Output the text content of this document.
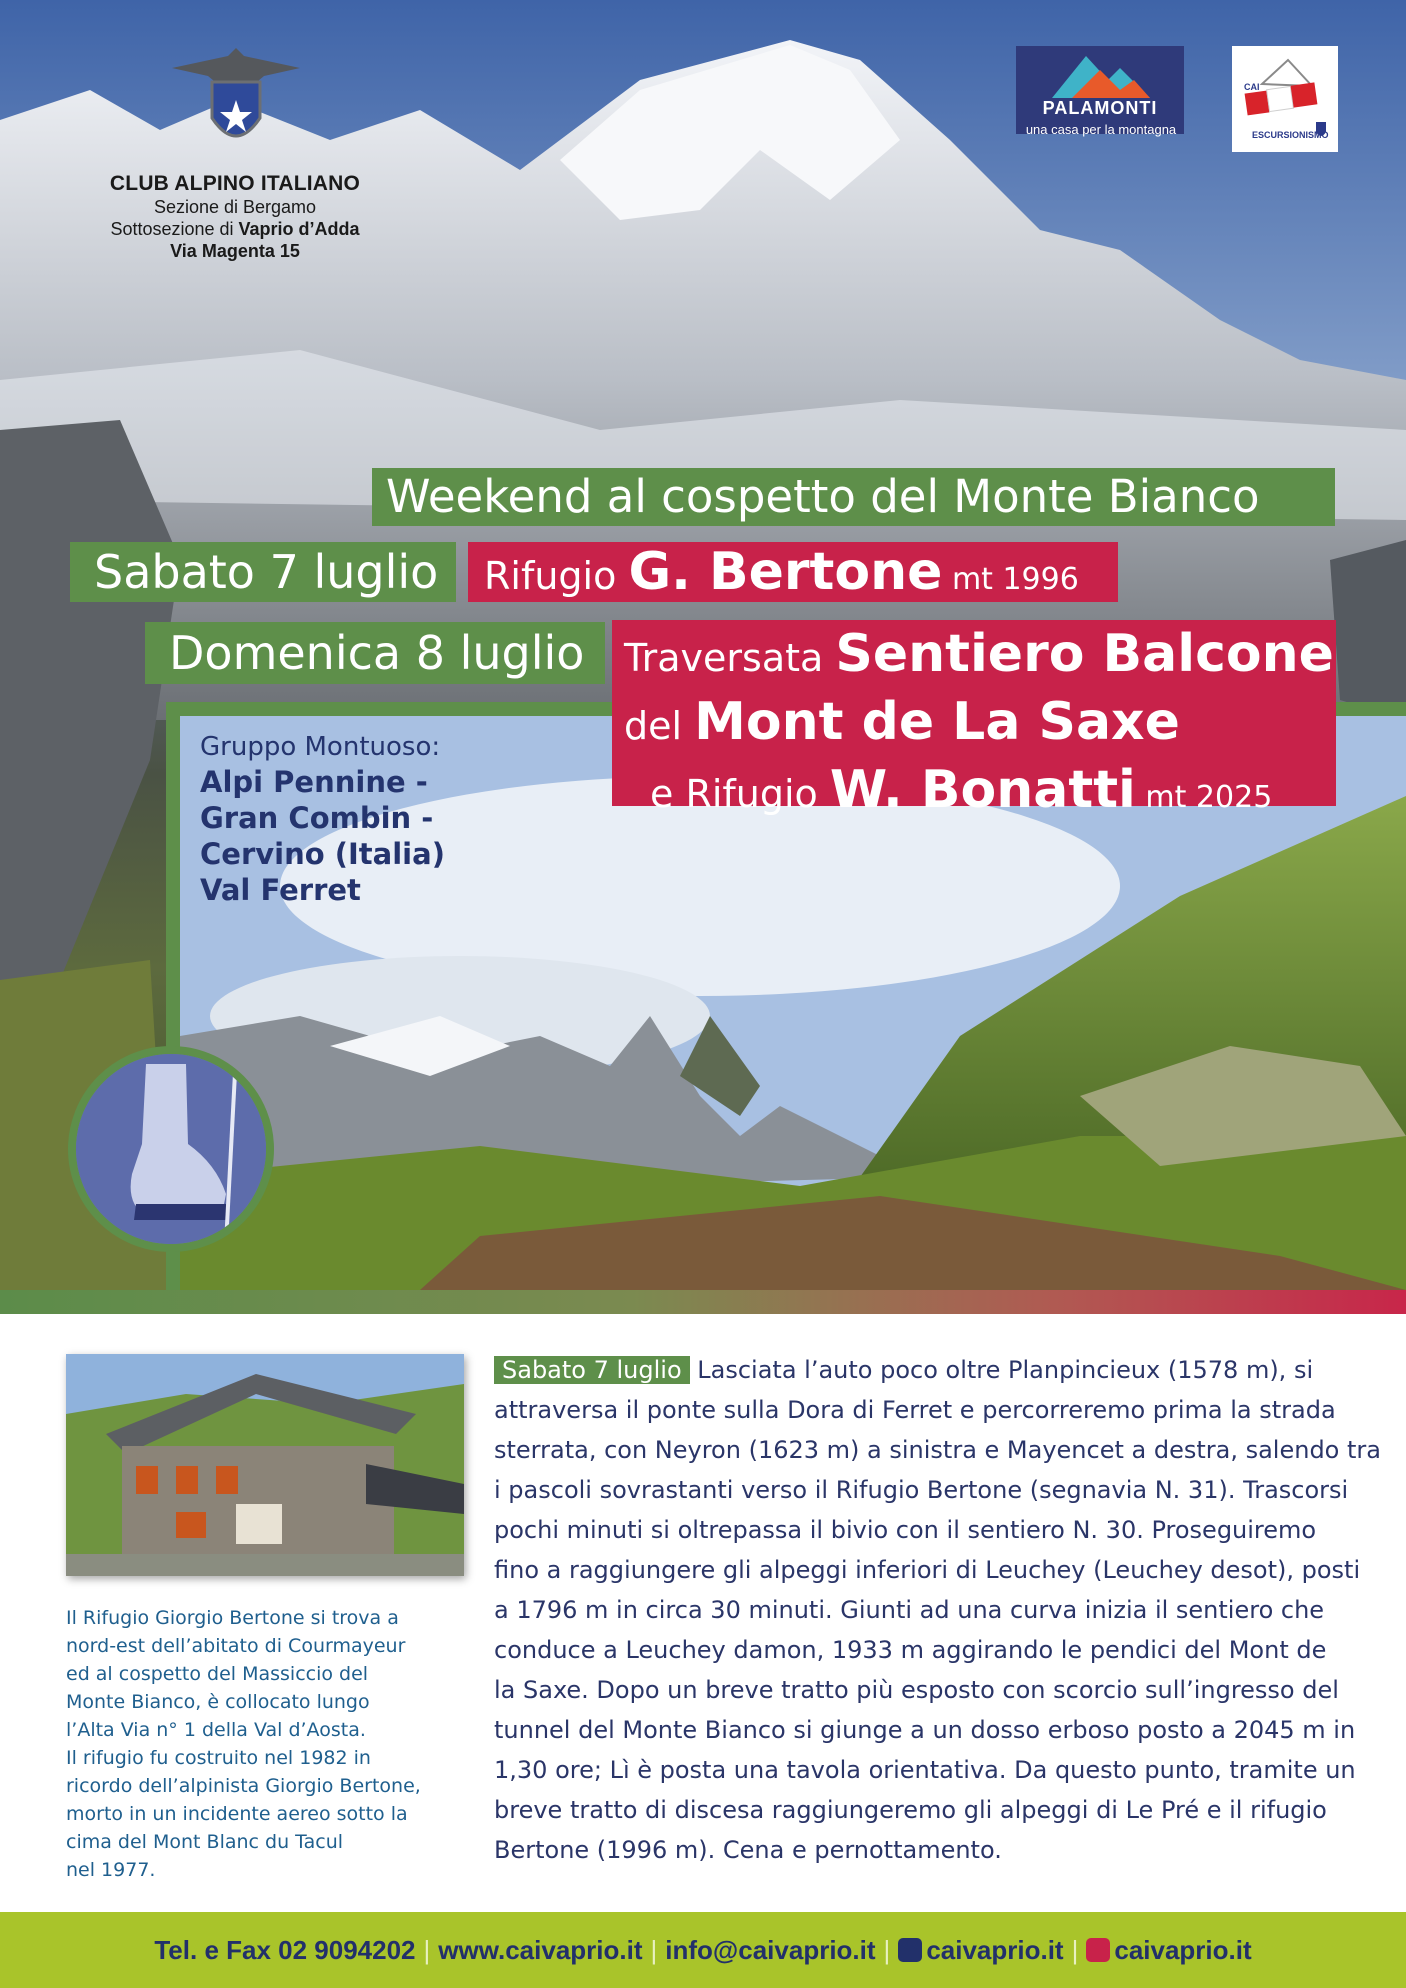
CLUB ALPINO ITALIANO
Sezione di Bergamo
Sottosezione di Vaprio d’Adda
Via Magenta 15
PALAMONTI
una casa per la montagna
CAI
ESCURSIONISMO
Weekend al cospetto del Monte Bianco
Sabato 7 luglio	Rifugio G. Bertone mt 1996
Domenica 8 luglio	Traversata Sentiero Balcone
del Mont de La Saxe
e Rifugio W. Bonatti mt 2025
Gruppo Montuoso:
Alpi Pennine -
Gran Combin -
Cervino (Italia)
Val Ferret
Il Rifugio Giorgio Bertone si trova a
nord-est dell’abitato di Courmayeur
ed al cospetto del Massiccio del
Monte Bianco, è collocato lungo
l’Alta Via n° 1 della Val d’Aosta.
Il rifugio fu costruito nel 1982 in
ricordo dell’alpinista Giorgio Bertone,
morto in un incidente aereo sotto la
cima del Mont Blanc du Tacul
nel 1977.
Sabato 7 luglio Lasciata l’auto poco oltre Planpincieux (1578 m), si
attraversa il ponte sulla Dora di Ferret e percorreremo prima la strada
sterrata, con Neyron (1623 m) a sinistra e Mayencet a destra, salendo tra
i pascoli sovrastanti verso il Rifugio Bertone (segnavia N. 31). Trascorsi
pochi minuti si oltrepassa il bivio con il sentiero N. 30. Proseguiremo
fino a raggiungere gli alpeggi inferiori di Leuchey (Leuchey desot), posti
a 1796 m in circa 30 minuti. Giunti ad una curva inizia il sentiero che
conduce a Leuchey damon, 1933 m aggirando le pendici del Mont de
la Saxe. Dopo un breve tratto più esposto con scorcio sull’ingresso del
tunnel del Monte Bianco si giunge a un dosso erboso posto a 2045 m in
1,30 ore; Lì è posta una tavola orientativa. Da questo punto, tramite un
breve tratto di discesa raggiungeremo gli alpeggi di Le Pré e il rifugio
Bertone (1996 m). Cena e pernottamento.
Tel. e Fax 02 9094202 | www.caivaprio.it | info@caivaprio.it | caivaprio.it | caivaprio.it
